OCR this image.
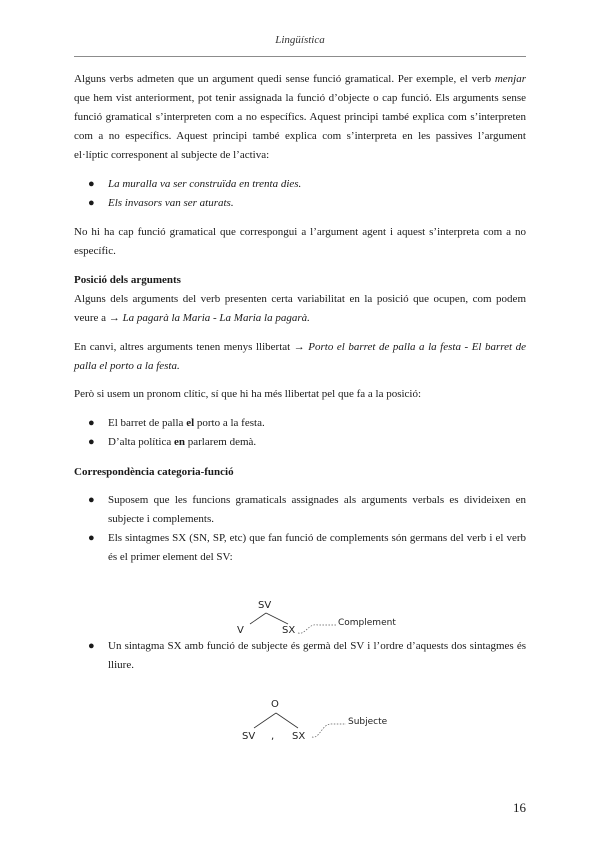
Lingüística

Alguns verbs admeten que un argument quedi sense funció gramatical. Per exemple, el verb menjar que hem vist anteriorment, pot tenir assignada la funció d’objecte o cap funció. Els arguments sense funció gramatical s’interpreten com a no específics. Aquest principi també explica com s’interpreten com a no específics. Aquest principi també explica com s’interpreta en les passives l’argument el·líptic corresponent al subjecte de l’activa:

● La muralla va ser construïda en trenta dies.
● Els invasors van ser aturats.

No hi ha cap funció gramatical que correspongui a l’argument agent i aquest s’interpreta com a no específic.

Posició dels arguments

Alguns dels arguments del verb presenten certa variabilitat en la posició que ocupen, com podem veure a → La pagarà la Maria - La Maria la pagarà.

En canvi, altres arguments tenen menys llibertat → Porto el barret de palla a la festa - El barret de palla el porto a la festa.

Però si usem un pronom clític, sí que hi ha més llibertat pel que fa a la posició:

● El barret de palla el porto a la festa.
● D’alta política en parlarem demà.
Correspondència categoria-funció
● Suposem que les funcions gramaticals assignades als arguments verbals es divideixen en subjecte i complements.
● Els sintagmes SX (SN, SP, etc) que fan funció de complements són germans del verb i el verb és el primer element del SV:
SV
V	SX
Complement
● Un sintagma SX amb funció de subjecte és germà del SV i l’ordre d’aquests dos sintagmes és lliure.
O
SV , SX
Subjecte
16
